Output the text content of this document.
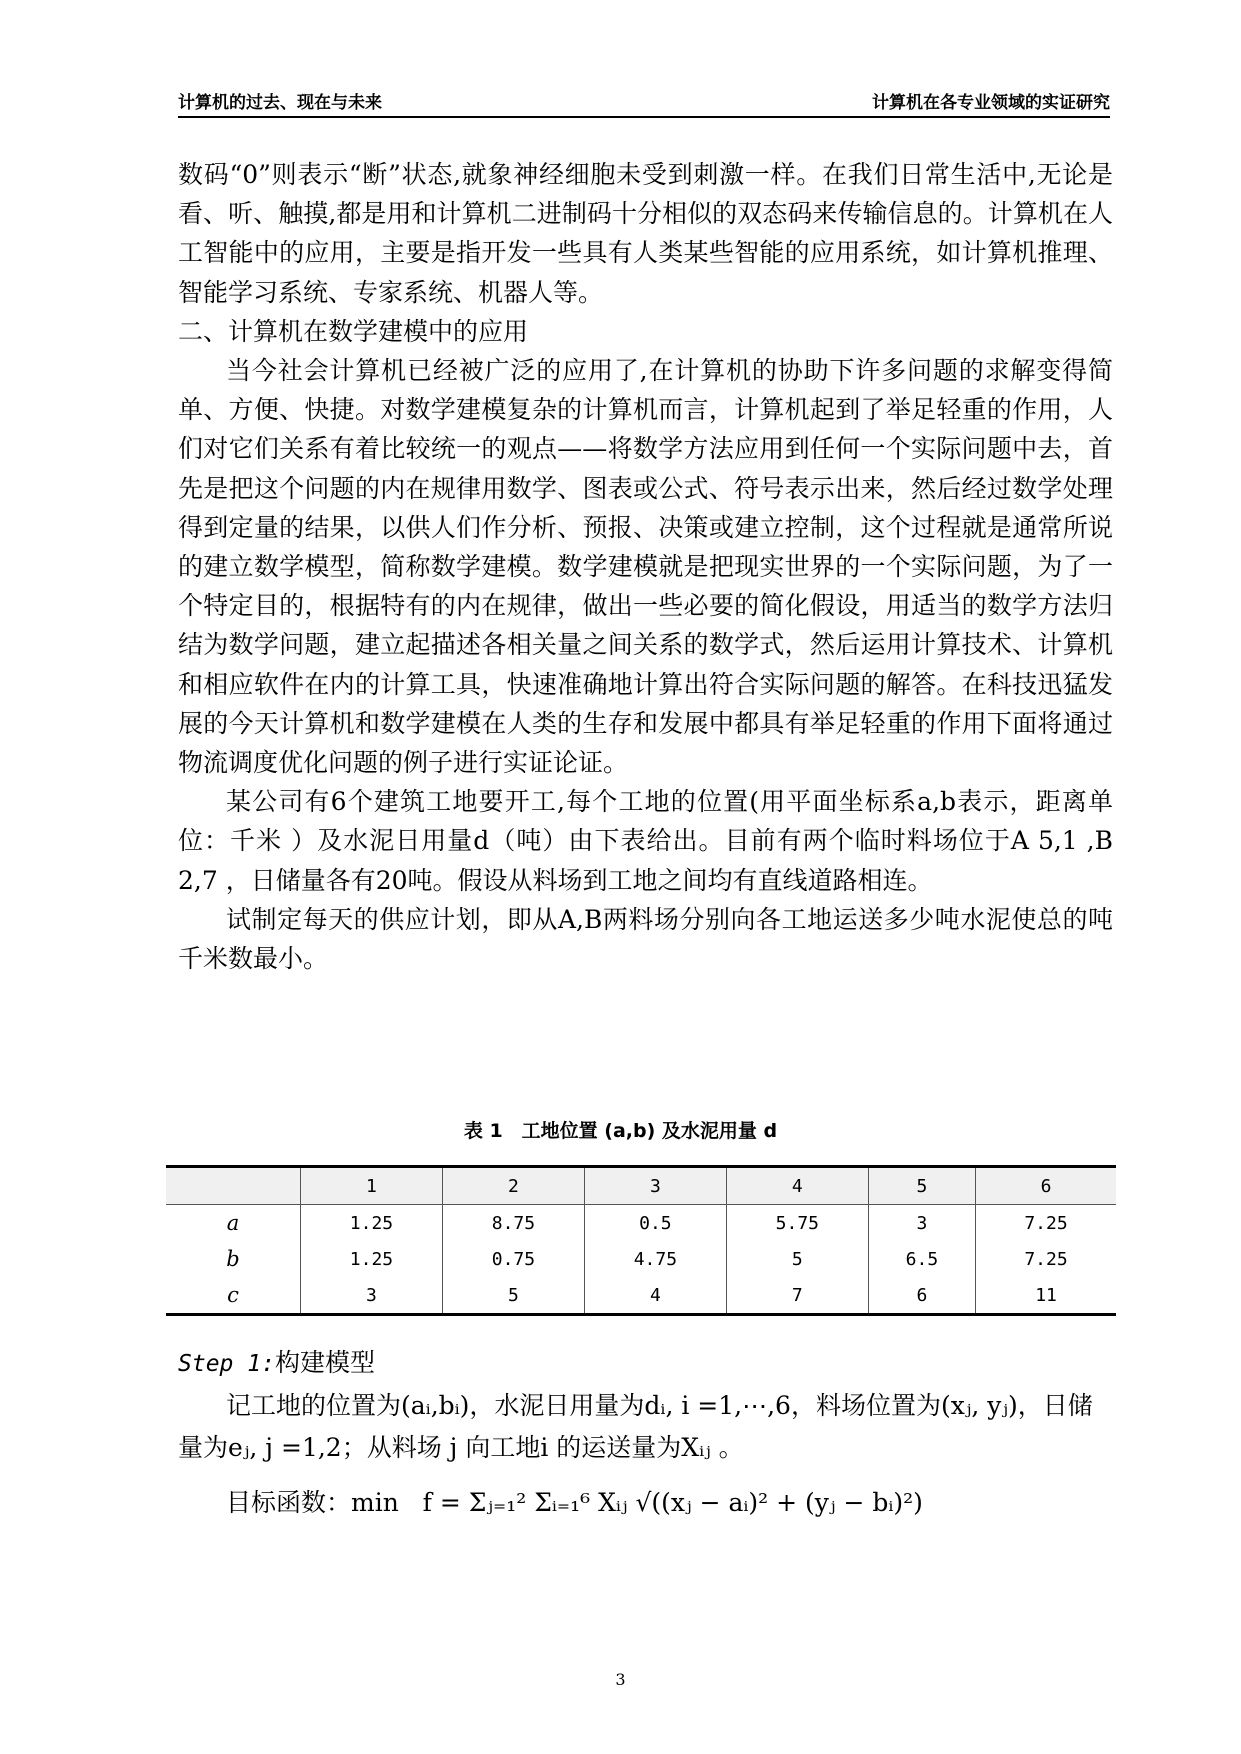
计算机的过去、现在与未来	计算机在各专业领域的实证研究

数码“0”则表示“断”状态,就象神经细胞未受到刺激一样。在我们日常生活中,无论是看、听、触摸,都是用和计算机二进制码十分相似的双态码来传输信息的。计算机在人工智能中的应用，主要是指开发一些具有人类某些智能的应用系统，如计算机推理、智能学习系统、专家系统、机器人等。

二、计算机在数学建模中的应用

当今社会计算机已经被广泛的应用了,在计算机的协助下许多问题的求解变得简单、方便、快捷。对数学建模复杂的计算机而言，计算机起到了举足轻重的作用，人们对它们关系有着比较统一的观点——将数学方法应用到任何一个实际问题中去，首先是把这个问题的内在规律用数学、图表或公式、符号表示出来，然后经过数学处理得到定量的结果，以供人们作分析、预报、决策或建立控制，这个过程就是通常所说的建立数学模型，简称数学建模。数学建模就是把现实世界的一个实际问题，为了一个特定目的，根据特有的内在规律，做出一些必要的简化假设，用适当的数学方法归结为数学问题，建立起描述各相关量之间关系的数学式，然后运用计算技术、计算机和相应软件在内的计算工具，快速准确地计算出符合实际问题的解答。在科技迅猛发展的今天计算机和数学建模在人类的生存和发展中都具有举足轻重的作用下面将通过物流调度优化问题的例子进行实证论证。

某公司有6个建筑工地要开工,每个工地的位置(用平面坐标系a,b表示，距离单位：千米 ）及水泥日用量d（吨）由下表给出。目前有两个临时料场位于A 5,1 ,B 2,7 ，日储量各有20吨。假设从料场到工地之间均有直线道路相连。

试制定每天的供应计划，即从A,B两料场分别向各工地运送多少吨水泥使总的吨千米数最小。

表 1　工地位置 (a,b) 及水泥用量 d
	1	2	3	4	5	6
a	1.25	8.75	0.5	5.75	3	7.25
b	1.25	0.75	4.75	5	6.5	7.25
c	3	5	4	7	6	11

Step 1:构建模型

记工地的位置为(aᵢ,bᵢ)，水泥日用量为dᵢ, i =1,⋯,6，料场位置为(xⱼ, yⱼ)，日储

量为eⱼ, j =1,2；从料场 j 向工地i 的运送量为Xᵢⱼ 。

目标函数：min f = Σⱼ₌₁² Σᵢ₌₁⁶ Xᵢⱼ √((xⱼ − aᵢ)² + (yⱼ − bᵢ)²)
3
